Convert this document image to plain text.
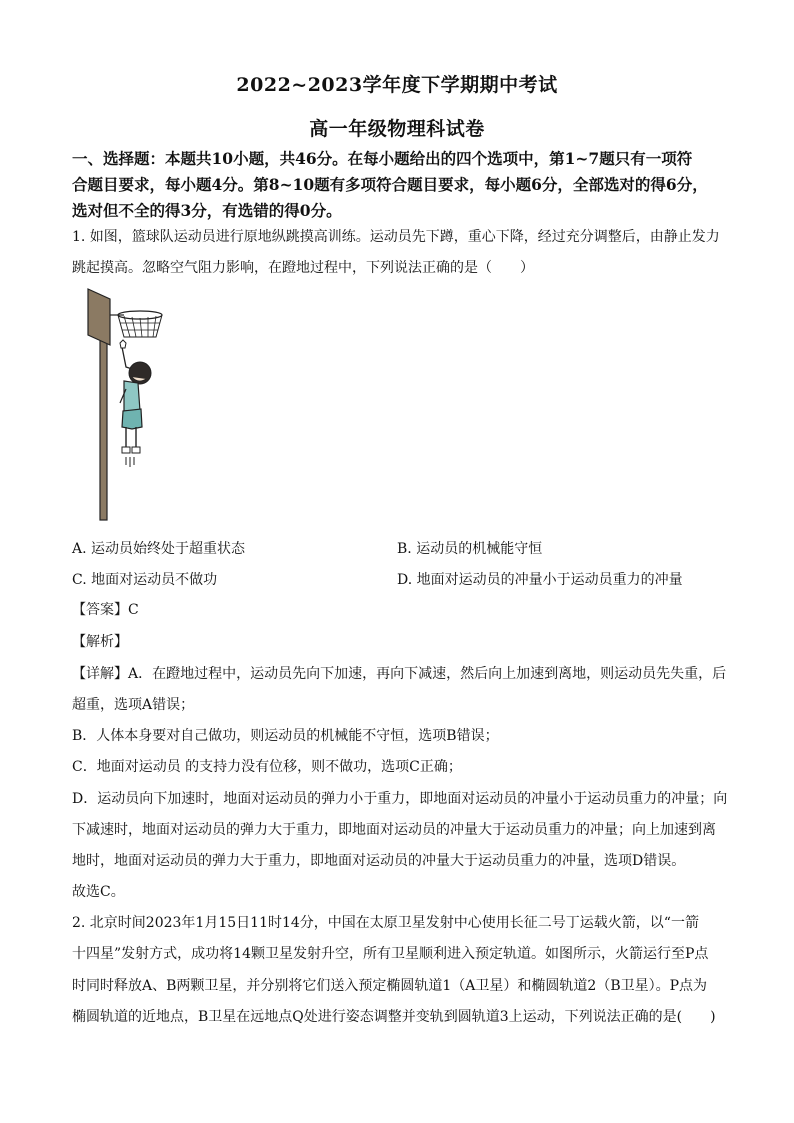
2022~2023学年度下学期期中考试
高一年级物理科试卷
一、选择题：本题共10小题，共46分。在每小题给出的四个选项中，第1~7题只有一项符
合题目要求，每小题4分。第8~10题有多项符合题目要求，每小题6分，全部选对的得6分，
选对但不全的得3分，有选错的得0分。
1. 如图，篮球队运动员进行原地纵跳摸高训练。运动员先下蹲，重心下降，经过充分调整后，由静止发力
跳起摸高。忽略空气阻力影响，在蹬地过程中，下列说法正确的是（　　）
A. 运动员始终处于超重状态	B. 运动员的机械能守恒
C. 地面对运动员不做功	D. 地面对运动员的冲量小于运动员重力的冲量
【答案】C
【解析】
【详解】A．在蹬地过程中，运动员先向下加速，再向下减速，然后向上加速到离地，则运动员先失重，后
超重，选项A错误；
B．人体本身要对自己做功，则运动员的机械能不守恒，选项B错误；
C．地面对运动员 的支持力没有位移，则不做功，选项C正确；
D．运动员向下加速时，地面对运动员的弹力小于重力，即地面对运动员的冲量小于运动员重力的冲量；向
下减速时，地面对运动员的弹力大于重力，即地面对运动员的冲量大于运动员重力的冲量；向上加速到离
地时，地面对运动员的弹力大于重力，即地面对运动员的冲量大于运动员重力的冲量，选项D错误。
故选C。
2. 北京时间2023年1月15日11时14分，中国在太原卫星发射中心使用长征二号丁运载火箭，以“一箭
十四星”发射方式，成功将14颗卫星发射升空，所有卫星顺利进入预定轨道。如图所示，火箭运行至P点
时同时释放A、B两颗卫星，并分别将它们送入预定椭圆轨道1（A卫星）和椭圆轨道2（B卫星）。P点为
椭圆轨道的近地点，B卫星在远地点Q处进行姿态调整并变轨到圆轨道3上运动，下列说法正确的是(　　)
